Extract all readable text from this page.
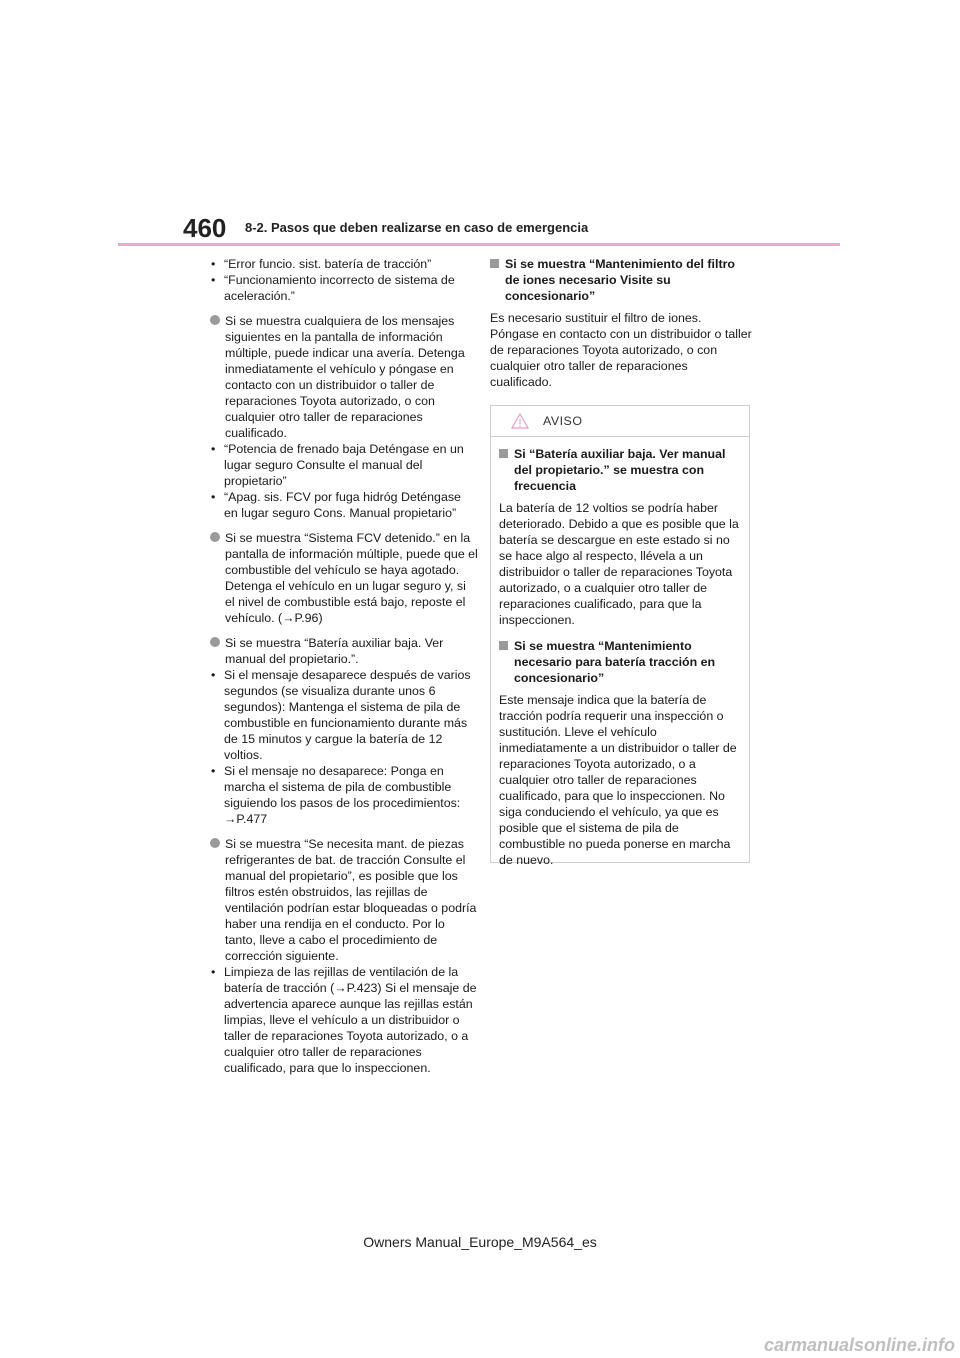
460 8-2. Pasos que deben realizarse en caso de emergencia
• “Error funcio. sist. batería de tracción”
• “Funcionamiento incorrecto de sistema de aceleración.”
Si se muestra cualquiera de los mensajes siguientes en la pantalla de información múltiple, puede indicar una avería. Detenga inmediatamente el vehículo y póngase en contacto con un distribuidor o taller de reparaciones Toyota autorizado, o con cualquier otro taller de reparaciones cualificado.
• “Potencia de frenado baja Deténgase en un lugar seguro Consulte el manual del propietario”
• “Apag. sis. FCV por fuga hidróg Deténgase en lugar seguro Cons. Manual propietario”
Si se muestra “Sistema FCV detenido.” en la pantalla de información múltiple, puede que el combustible del vehículo se haya agotado. Detenga el vehículo en un lugar seguro y, si el nivel de combustible está bajo, reposte el vehículo. (→P.96)
Si se muestra “Batería auxiliar baja. Ver manual del propietario.”.
• Si el mensaje desaparece después de varios segundos (se visualiza durante unos 6 segundos): Mantenga el sistema de pila de combustible en funcionamiento durante más de 15 minutos y cargue la batería de 12 voltios.
• Si el mensaje no desaparece: Ponga en marcha el sistema de pila de combustible siguiendo los pasos de los procedimientos: →P.477
Si se muestra “Se necesita mant. de piezas refrigerantes de bat. de tracción Consulte el manual del propietario”, es posible que los filtros estén obstruidos, las rejillas de ventilación podrían estar bloqueadas o podría haber una rendija en el conducto. Por lo tanto, lleve a cabo el procedimiento de corrección siguiente.
• Limpieza de las rejillas de ventilación de la batería de tracción (→P.423) Si el mensaje de advertencia aparece aunque las rejillas están limpias, lleve el vehículo a un distribuidor o taller de reparaciones Toyota autorizado, o a cualquier otro taller de reparaciones cualificado, para que lo inspeccionen.
Si se muestra “Mantenimiento del filtro de iones necesario Visite su concesionario”
Es necesario sustituir el filtro de iones. Póngase en contacto con un distribuidor o taller de reparaciones Toyota autorizado, o con cualquier otro taller de reparaciones cualificado.
AVISO
Si “Batería auxiliar baja. Ver manual del propietario.” se muestra con frecuencia
La batería de 12 voltios se podría haber deteriorado. Debido a que es posible que la batería se descargue en este estado si no se hace algo al respecto, llévela a un distribuidor o taller de reparaciones Toyota autorizado, o a cualquier otro taller de reparaciones cualificado, para que la inspeccionen.
Si se muestra “Mantenimiento necesario para batería tracción en concesionario”
Este mensaje indica que la batería de tracción podría requerir una inspección o sustitución. Lleve el vehículo inmediatamente a un distribuidor o taller de reparaciones Toyota autorizado, o a cualquier otro taller de reparaciones cualificado, para que lo inspeccionen. No siga conduciendo el vehículo, ya que es posible que el sistema de pila de combustible no pueda ponerse en marcha de nuevo.
Owners Manual_Europe_M9A564_es
carmanualsonline.info
